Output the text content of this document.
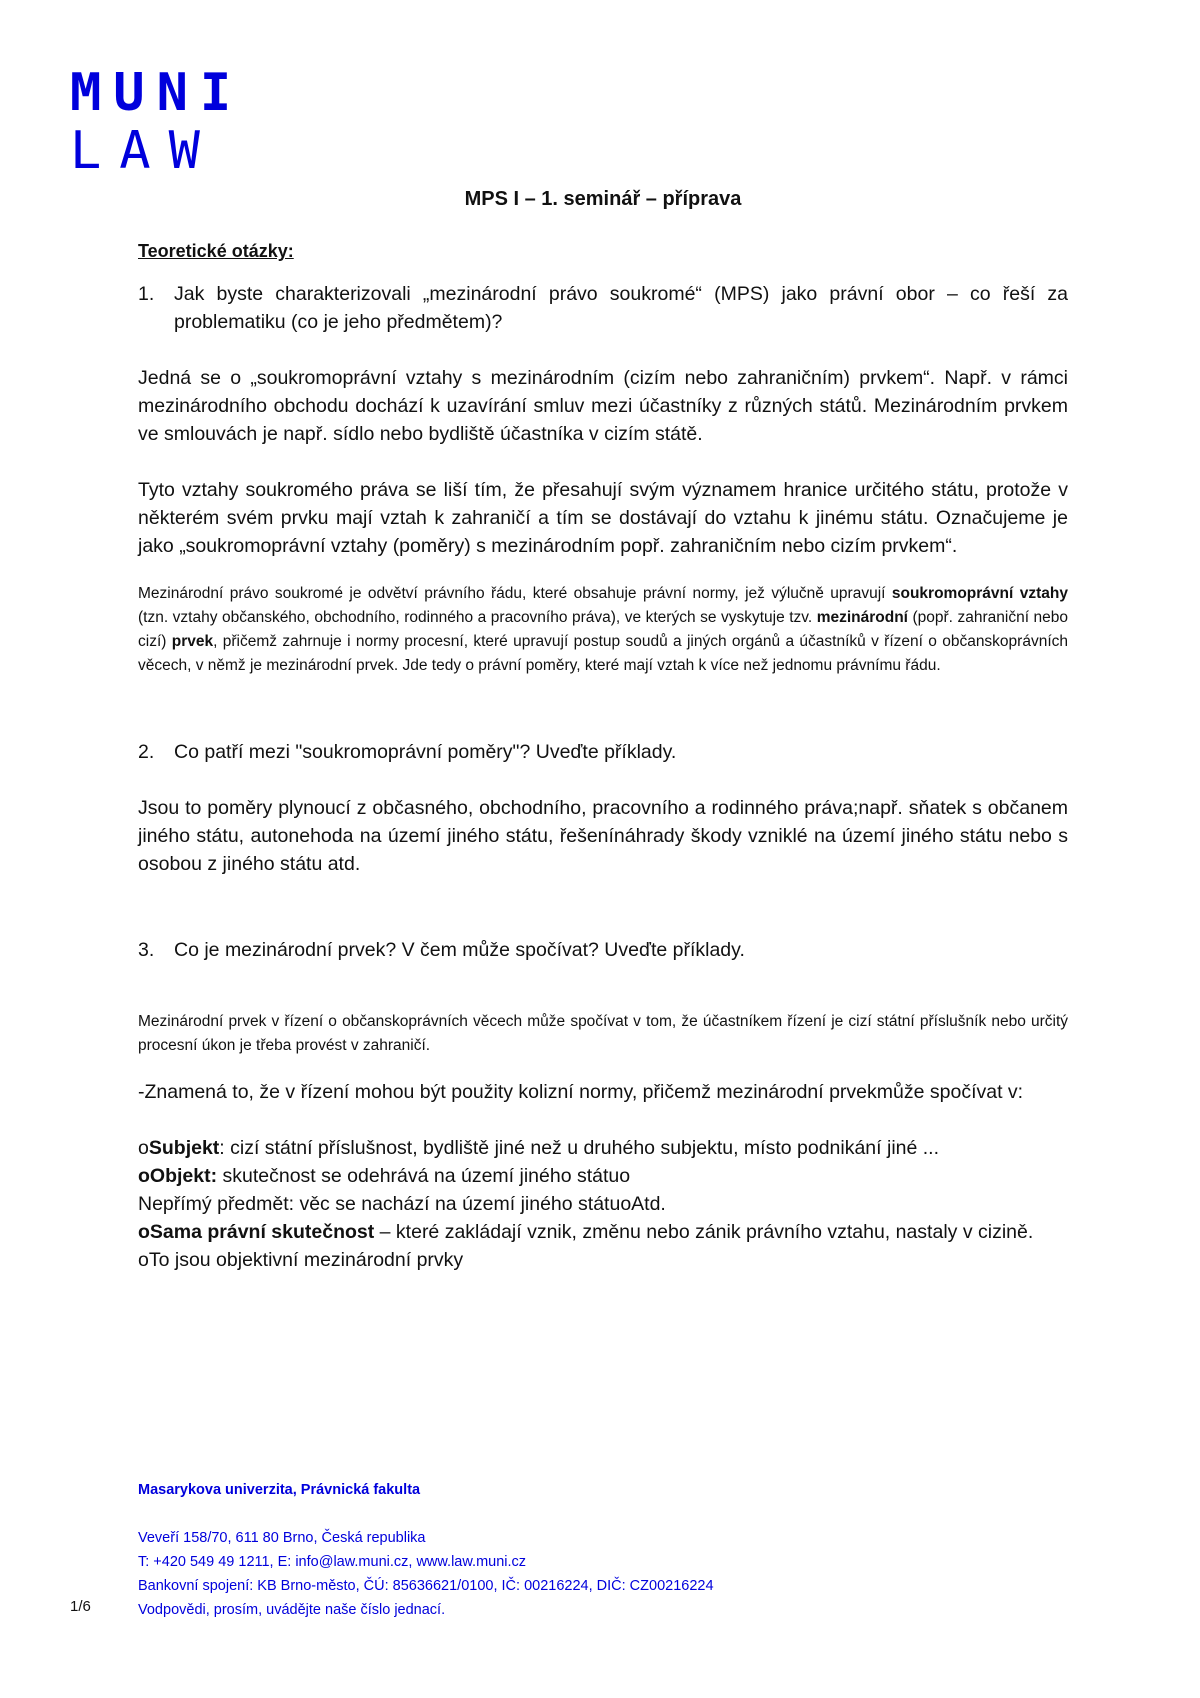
MUNI
LAW
MPS I – 1. seminář – příprava
Teoretické otázky:
1.	Jak byste charakterizovali „mezinárodní právo soukromé“ (MPS) jako právní obor – co řeší za problematiku (co je jeho předmětem)?

Jedná se o „soukromoprávní vztahy s mezinárodním (cizím nebo zahraničním) prvkem“. Např. v rámci mezinárodního obchodu dochází k uzavírání smluv mezi účastníky z různých států. Mezinárodním prvkem ve smlouvách je např. sídlo nebo bydliště účastníka v cizím státě.

Tyto vztahy soukromého práva se liší tím, že přesahují svým významem hranice určitého státu, protože v některém svém prvku mají vztah k zahraničí a tím se dostávají do vztahu k jinému státu. Označujeme je jako „soukromoprávní vztahy (poměry) s mezinárodním popř. zahraničním nebo cizím prvkem“.

Mezinárodní právo soukromé je odvětví právního řádu, které obsahuje právní normy, jež výlučně upravují soukromoprávní vztahy (tzn. vztahy občanského, obchodního, rodinného a pracovního práva), ve kterých se vyskytuje tzv. mezinárodní (popř. zahraniční nebo cizí) prvek, přičemž zahrnuje i normy procesní, které upravují postup soudů a jiných orgánů a účastníků v řízení o občanskoprávních věcech, v němž je mezinárodní prvek. Jde tedy o právní poměry, které mají vztah k více než jednomu právnímu řádu.

2.	Co patří mezi "soukromoprávní poměry"? Uveďte příklady.

Jsou to poměry plynoucí z občasného, obchodního, pracovního a rodinného práva;např. sňatek s občanem jiného státu, autonehoda na území jiného státu, řešenínáhrady škody vzniklé na území jiného státu nebo s osobou z jiného státu atd.

3.	Co je mezinárodní prvek? V čem může spočívat? Uveďte příklady.

Mezinárodní prvek v řízení o občanskoprávních věcech může spočívat v tom, že účastníkem řízení je cizí státní příslušník nebo určitý procesní úkon je třeba provést v zahraničí.

-Znamená to, že v řízení mohou být použity kolizní normy, přičemž mezinárodní prvekmůže spočívat v:

oSubjekt: cizí státní příslušnost, bydliště jiné než u druhého subjektu, místo podnikání jiné ...

oObjekt: skutečnost se odehrává na území jiného státuo

Nepřímý předmět: věc se nachází na území jiného státuoAtd.

oSama právní skutečnost – které zakládají vznik, změnu nebo zánik právního vztahu, nastaly v cizině.

oTo jsou objektivní mezinárodní prvky

Masarykova univerzita, Právnická fakulta
Veveří 158/70, 611 80 Brno, Česká republika
T: +420 549 49 1211, E: info@law.muni.cz, www.law.muni.cz
Bankovní spojení: KB Brno-město, ČÚ: 85636621/0100, IČ: 00216224, DIČ: CZ00216224
Vodpovědi, prosím, uvádějte naše číslo jednací.
1/6
